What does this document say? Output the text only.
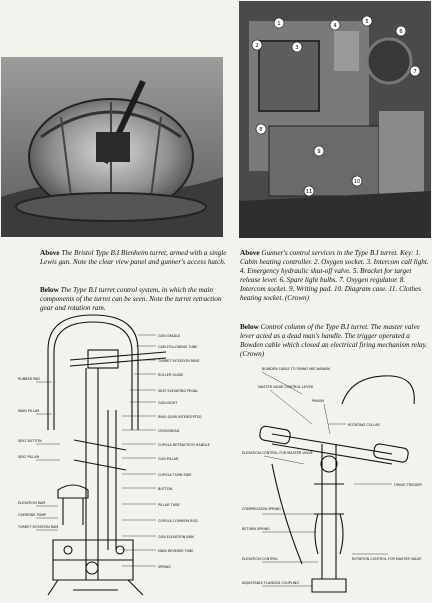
1
2	3
4
5
6
7
8
9
10
11

Above The Bristol Type B.I Blenheim turret, armed with a single Lewis gun. Note the clear view panel and gunner's access hatch.

Below The Type B.I turret control system, in which the main components of the turret can be seen. Note the turret retraction gear and rotation ram.

Above Gunner's control services in the Type B.I turret. Key: 1. Cabin heating controller. 2. Oxygen socket. 3. Intercom call light. 4. Emergency hydraulic shut-off valve. 5. Bracket for target release lever. 6. Spare light bulbs. 7. Oxygen regulator. 8. Intercom socket. 9. Writing pad. 10. Diagram case. 11. Clothes heating socket. (Crown)

Below Control column of the Type B.I turret. The master valve lever acted as a dead man's handle. The trigger operated a Bowden cable which closed an electrical firing mechanism relay. (Crown)

GUN CRADLE
CAM-FOLLOWING TUBE
TURRET ROTATION RING
ROLLER GUIDE
SEAT ELEVATING PEDAL
GUN-SIGHT
RUBBER PAD
MAIN PILLAR
RING GEAR INTERCEPTED
CROSSHEAD
CUPOLA RETRACTION HANDLE
SEAT BUTTON
GUN PILLAR
SEAT PILLAR
CUPOLA TURN RIDE
BUTTON
PILLAR TUBE
ELEVATION RAM
CUPOLA COMMON ROD
OVERRIDE PUMP
TURRET ROTATION RAM
GUN ELEVATION RAM
MAIN REVERSE TUBE
SPRING
BOWDEN CABLE TO FIRING MECHANISM
MASTER VALVE CONTROL LEVER
PINION
ROTATING COLLAR
ELEVATION CONTROL FOR MASTER VALVE
FIRING TRIGGER
COMPRESSION SPRING
RETURN SPRING
ROTATION CONTROL FOR MASTER VALVE
ELEVATION CONTROL
ADJUSTABLE FLANGED COUPLING
